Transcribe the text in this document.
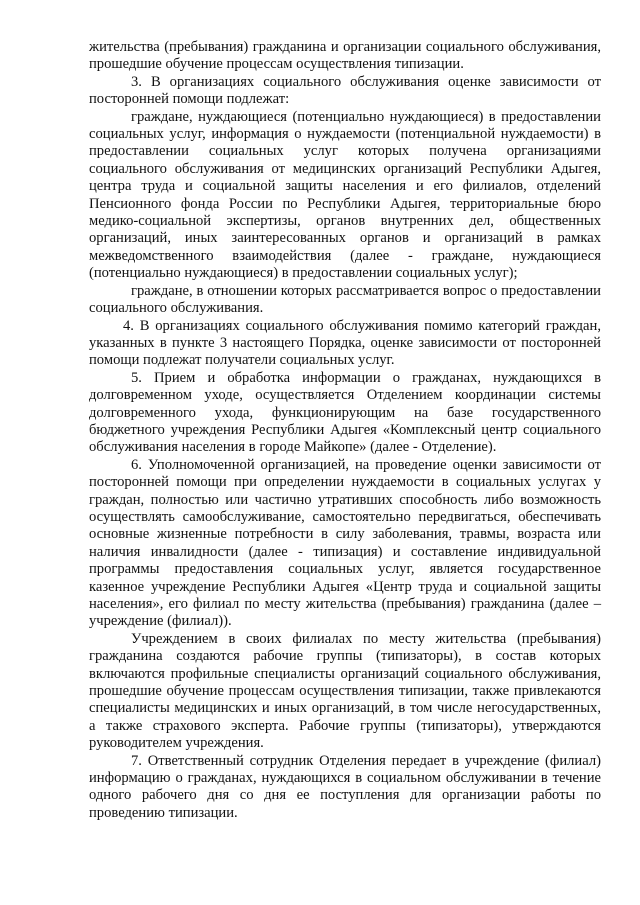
жительства (пребывания) гражданина и организации социального обслуживания, прошедшие обучение процессам осуществления типизации.

3. В организациях социального обслуживания оценке зависимости от посторонней помощи подлежат:

граждане, нуждающиеся (потенциально нуждающиеся) в предоставлении социальных услуг, информация о нуждаемости (потенциальной нуждаемости) в предоставлении социальных услуг которых получена организациями социального обслуживания от медицинских организаций Республики Адыгея, центра труда и социальной защиты населения и его филиалов, отделений Пенсионного фонда России по Республики Адыгея, территориальные бюро медико-социальной экспертизы, органов внутренних дел, общественных организаций, иных заинтересованных органов и организаций в рамках межведомственного взаимодействия (далее - граждане, нуждающиеся (потенциально нуждающиеся) в предоставлении социальных услуг);

граждане, в отношении которых рассматривается вопрос о предоставлении социального обслуживания.

4. В организациях социального обслуживания помимо категорий граждан, указанных в пункте 3 настоящего Порядка, оценке зависимости от посторонней помощи подлежат получатели социальных услуг.

5. Прием и обработка информации о гражданах, нуждающихся в долговременном уходе, осуществляется Отделением координации системы долговременного ухода, функционирующим на базе государственного бюджетного учреждения Республики Адыгея «Комплексный центр социального обслуживания населения в городе Майкопе» (далее - Отделение).

6. Уполномоченной организацией, на проведение оценки зависимости от посторонней помощи при определении нуждаемости в социальных услугах у граждан, полностью или частично утративших способность либо возможность осуществлять самообслуживание, самостоятельно передвигаться, обеспечивать основные жизненные потребности в силу заболевания, травмы, возраста или наличия инвалидности (далее - типизация) и составление индивидуальной программы предоставления социальных услуг, является государственное казенное учреждение Республики Адыгея «Центр труда и социальной защиты населения», его филиал по месту жительства (пребывания) гражданина (далее – учреждение (филиал)).

Учреждением в своих филиалах по месту жительства (пребывания) гражданина создаются рабочие группы (типизаторы), в состав которых включаются профильные специалисты организаций социального обслуживания, прошедшие обучение процессам осуществления типизации, также привлекаются специалисты медицинских и иных организаций, в том числе негосударственных, а также страхового эксперта. Рабочие группы (типизаторы), утверждаются руководителем учреждения.

7. Ответственный сотрудник Отделения передает в учреждение (филиал) информацию о гражданах, нуждающихся в социальном обслуживании в течение одного рабочего дня со дня ее поступления для организации работы по проведению типизации.
